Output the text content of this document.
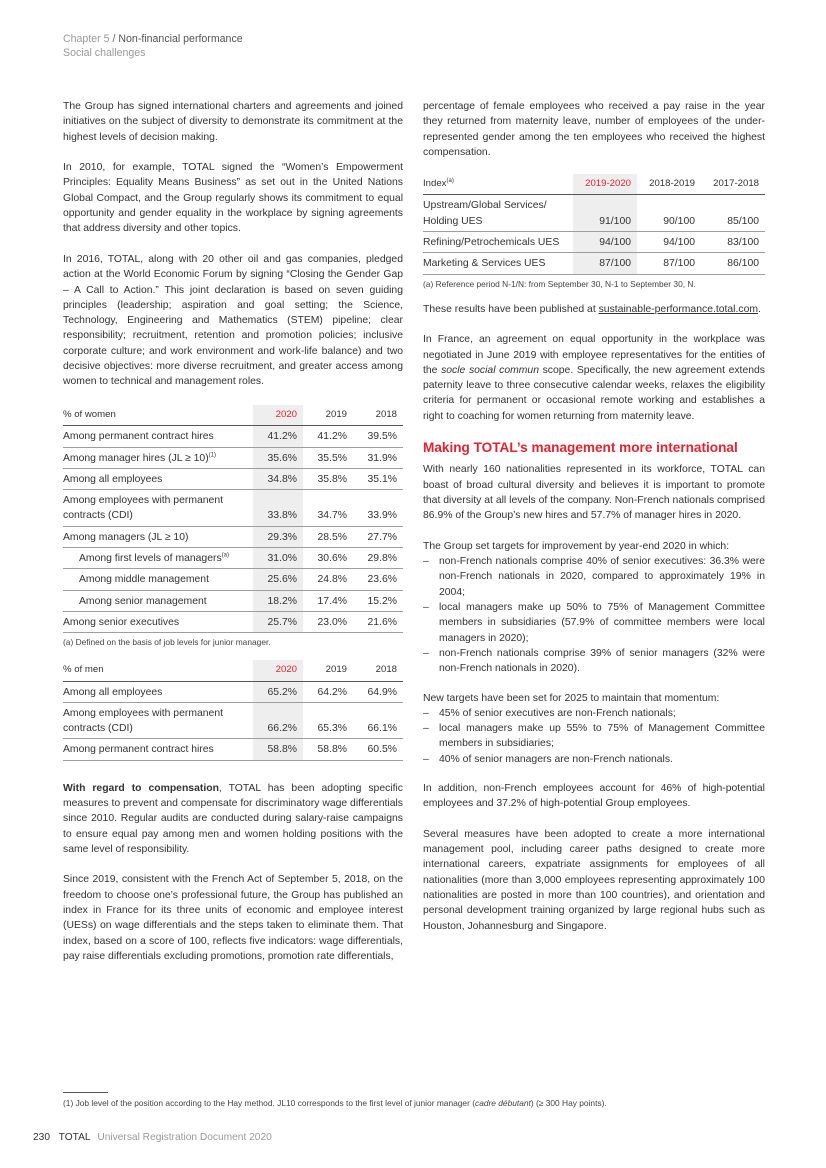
Chapter 5 / Non-financial performance
Social challenges

The Group has signed international charters and agreements and joined initiatives on the subject of diversity to demonstrate its commitment at the highest levels of decision making.

In 2010, for example, TOTAL signed the “Women’s Empowerment Principles: Equality Means Business” as set out in the United Nations Global Compact, and the Group regularly shows its commitment to equal opportunity and gender equality in the workplace by signing agreements that address diversity and other topics.

In 2016, TOTAL, along with 20 other oil and gas companies, pledged action at the World Economic Forum by signing “Closing the Gender Gap – A Call to Action.” This joint declaration is based on seven guiding principles (leadership; aspiration and goal setting; the Science, Technology, Engineering and Mathematics (STEM) pipeline; clear responsibility; recruitment, retention and promotion policies; inclusive corporate culture; and work environment and work-life balance) and two decisive objectives: more diverse recruitment, and greater access among women to technical and management roles.

% of women	2020	2019	2018
Among permanent contract hires	41.2%	41.2%	39.5%
Among manager hires (JL ≥ 10)$^{(1)}$	35.6%	35.5%	31.9%
Among all employees	34.8%	35.8%	35.1%
Among employees with permanent contracts (CDI)	33.8%	34.7%	33.9%
Among managers (JL ≥ 10)	29.3%	28.5%	27.7%
Among first levels of managers$^{(a)}$	31.0%	30.6%	29.8%
Among middle management	25.6%	24.8%	23.6%
Among senior management	18.2%	17.4%	15.2%
Among senior executives	25.7%	23.0%	21.6%
(a) Defined on the basis of job levels for junior manager.
% of men	2020	2019	2018
Among all employees	65.2%	64.2%	64.9%
Among employees with permanent contracts (CDI)	66.2%	65.3%	66.1%
Among permanent contract hires	58.8%	58.8%	60.5%

With regard to compensation, TOTAL has been adopting specific measures to prevent and compensate for discriminatory wage differentials since 2010. Regular audits are conducted during salary-raise campaigns to ensure equal pay among men and women holding positions with the same level of responsibility.

Since 2019, consistent with the French Act of September 5, 2018, on the freedom to choose one’s professional future, the Group has published an index in France for its three units of economic and employee interest (UESs) on wage differentials and the steps taken to eliminate them. That index, based on a score of 100, reflects five indicators: wage differentials, pay raise differentials excluding promotions, promotion rate differentials,

percentage of female employees who received a pay raise in the year they returned from maternity leave, number of employees of the under-represented gender among the ten employees who received the highest compensation.

Index$^{(a)}$	2019-2020	2018-2019	2017-2018
Upstream/Global Services/ Holding UES	91/100	90/100	85/100
Refining/Petrochemicals UES	94/100	94/100	83/100
Marketing & Services UES	87/100	87/100	86/100
(a) Reference period N-1/N: from September 30, N-1 to September 30, N.

These results have been published at sustainable-performance.total.com.

In France, an agreement on equal opportunity in the workplace was negotiated in June 2019 with employee representatives for the entities of the socle social commun scope. Specifically, the new agreement extends paternity leave to three consecutive calendar weeks, relaxes the eligibility criteria for permanent or occasional remote working and establishes a right to coaching for women returning from maternity leave.

Making TOTAL’s management more international

With nearly 160 nationalities represented in its workforce, TOTAL can boast of broad cultural diversity and believes it is important to promote that diversity at all levels of the company. Non-French nationals comprised 86.9% of the Group’s new hires and 57.7% of manager hires in 2020.

The Group set targets for improvement by year-end 2020 in which:

– non-French nationals comprise 40% of senior executives: 36.3% were non-French nationals in 2020, compared to approximately 19% in 2004;
– local managers make up 50% to 75% of Management Committee members in subsidiaries (57.9% of committee members were local managers in 2020);
– non-French nationals comprise 39% of senior managers (32% were non-French nationals in 2020).

New targets have been set for 2025 to maintain that momentum:

– 45% of senior executives are non-French nationals;
– local managers make up 55% to 75% of Management Committee members in subsidiaries;
– 40% of senior managers are non-French nationals.

In addition, non-French employees account for 46% of high-potential employees and 37.2% of high-potential Group employees.

Several measures have been adopted to create a more international management pool, including career paths designed to create more international careers, expatriate assignments for employees of all nationalities (more than 3,000 employees representing approximately 100 nationalities are posted in more than 100 countries), and orientation and personal development training organized by large regional hubs such as Houston, Johannesburg and Singapore.

(1) Job level of the position according to the Hay method. JL10 corresponds to the first level of junior manager (cadre débutant) (≥ 300 Hay points).
230 TOTAL Universal Registration Document 2020
